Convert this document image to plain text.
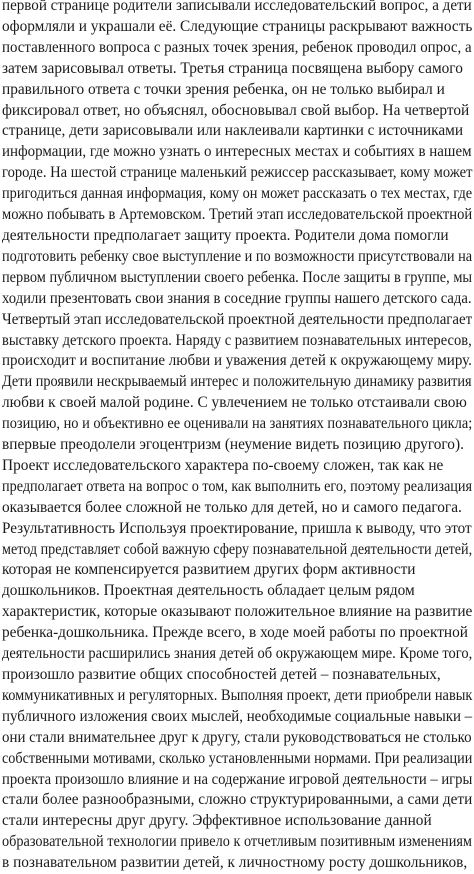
первой странице родители записывали исследовательский вопрос, а дети
оформляли и украшали её. Следующие страницы раскрывают важность
поставленного вопроса с разных точек зрения, ребенок проводил опрос, а
затем зарисовывал ответы. Третья страница посвящена выбору самого
правильного ответа с точки зрения ребенка, он не только выбирал и
фиксировал ответ, но объяснял, обосновывал свой выбор. На четвертой
странице, дети зарисовывали или наклеивали картинки с источниками
информации, где можно узнать о интересных местах и событиях в нашем
городе. На шестой странице маленький режиссер рассказывает, кому может
пригодиться данная информация, кому он может рассказать о тех местах, где
можно побывать в Артемовском. Третий этап исследовательской проектной
деятельности предполагает защиту проекта. Родители дома помогли
подготовить ребенку свое выступление и по возможности присутствовали на
первом публичном выступлении своего ребенка. После защиты в группе, мы
ходили презентовать свои знания в соседние группы нашего детского сада.
Четвертый этап исследовательской проектной деятельности предполагает
выставку детского проекта. Наряду с развитием познавательных интересов,
происходит и воспитание любви и уважения детей к окружающему миру.
Дети проявили нескрываемый интерес и положительную динамику развития
любви к своей малой родине. С увлечением не только отстаивали свою
позицию, но и объективно ее оценивали на занятиях познавательного цикла;
впервые преодолели эгоцентризм (неумение видеть позицию другого).
Проект исследовательского характера по-своему сложен, так как не
предполагает ответа на вопрос о том, как выполнить его, поэтому реализация
оказывается более сложной не только для детей, но и самого педагога.
Результативность Используя проектирование, пришла к выводу, что этот
метод представляет собой важную сферу познавательной деятельности детей,
которая не компенсируется развитием других форм активности
дошкольников. Проектная деятельность обладает целым рядом
характеристик, которые оказывают положительное влияние на развитие
ребенка-дошкольника. Прежде всего, в ходе моей работы по проектной
деятельности расширились знания детей об окружающем мире. Кроме того,
произошло развитие общих способностей детей – познавательных,
коммуникативных и регуляторных. Выполняя проект, дети приобрели навык
публичного изложения своих мыслей, необходимые социальные навыки –
они стали внимательнее друг к другу, стали руководствоваться не столько
собственными мотивами, сколько установленными нормами. При реализации
проекта произошло влияние и на содержание игровой деятельности – игры
стали более разнообразными, сложно структурированными, а сами дети
стали интересны друг другу. Эффективное использование данной
образовательной технологии привело к отчетливым позитивным изменениям
в познавательном развитии детей, к личностному росту дошкольников,
